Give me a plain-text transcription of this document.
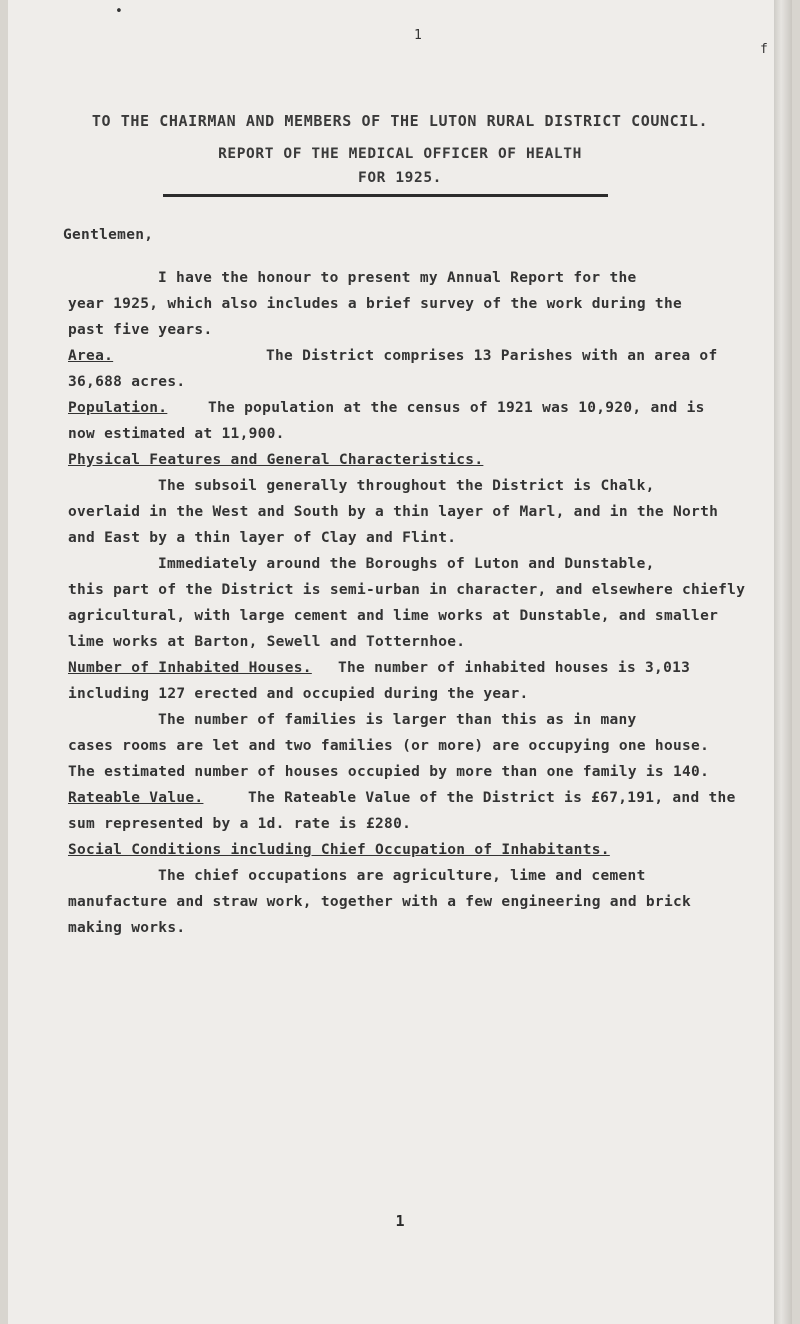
•
1
f
TO THE CHAIRMAN AND MEMBERS OF THE LUTON RURAL DISTRICT COUNCIL.
REPORT OF THE MEDICAL OFFICER OF HEALTH
FOR 1925.
Gentlemen,
I have the honour to present my Annual Report for the
year 1925, which also includes a brief survey of the work during the
past five years.
Area.	The District comprises 13 Parishes with an area of
36,688 acres.
Population.	The population at the census of 1921 was 10,920, and is
now estimated at 11,900.
Physical Features and General Characteristics.
The subsoil generally throughout the District is Chalk,
overlaid in the West and South by a thin layer of Marl, and in the North
and East by a thin layer of Clay and Flint.
Immediately around the Boroughs of Luton and Dunstable,
this part of the District is semi-urban in character, and elsewhere chiefly
agricultural, with large cement and lime works at Dunstable, and smaller
lime works at Barton, Sewell and Totternhoe.
Number of Inhabited Houses. The number of inhabited houses is 3,013
including 127 erected and occupied during the year.
The number of families is larger than this as in many
cases rooms are let and two families (or more) are occupying one house.
The estimated number of houses occupied by more than one family is 140.
Rateable Value.	The Rateable Value of the District is £67,191, and the
sum represented by a 1d. rate is £280.
Social Conditions including Chief Occupation of Inhabitants.
The chief occupations are agriculture, lime and cement
manufacture and straw work, together with a few engineering and brick
making works.
1
